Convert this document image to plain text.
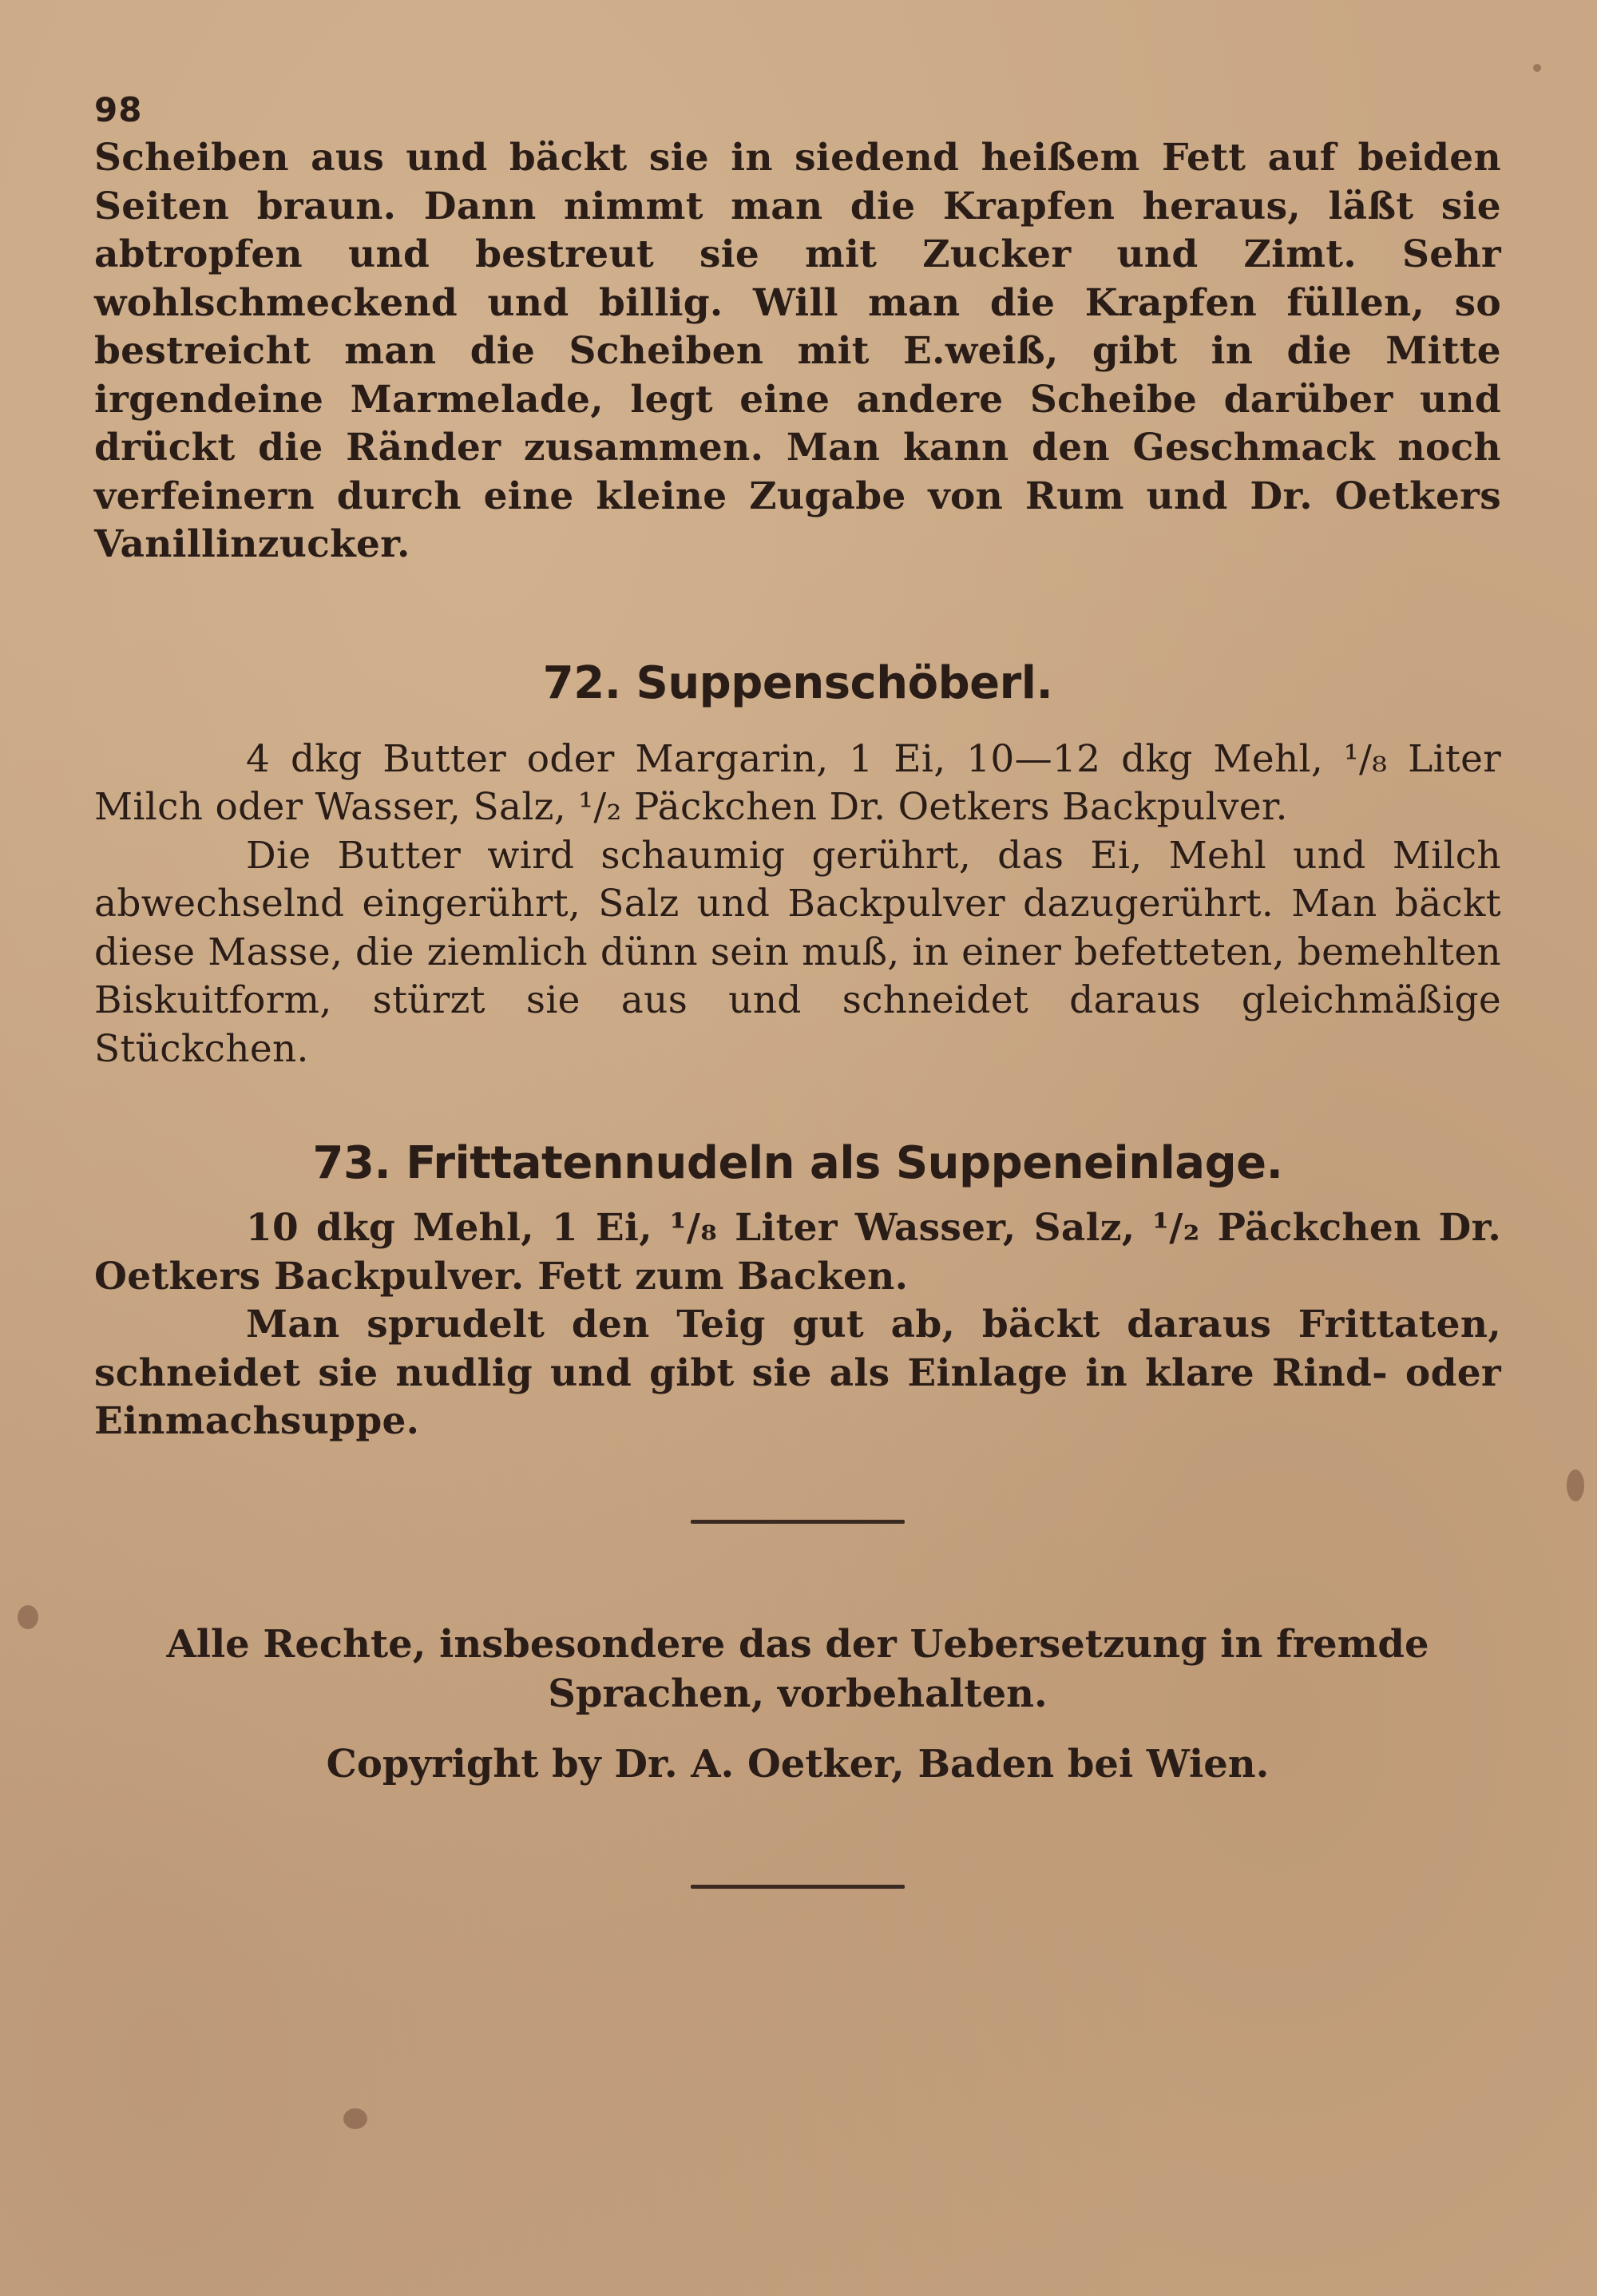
98

Scheiben aus und bäckt sie in siedend heißem Fett auf beiden Seiten braun. Dann nimmt man die Krapfen heraus, läßt sie abtropfen und bestreut sie mit Zucker und Zimt. Sehr wohlschmeckend und billig. Will man die Krapfen füllen, so bestreicht man die Scheiben mit E.weiß, gibt in die Mitte irgendeine Marmelade, legt eine andere Scheibe darüber und drückt die Ränder zusammen. Man kann den Geschmack noch verfeinern durch eine kleine Zugabe von Rum und Dr. Oetkers Vanillinzucker.

72. Suppenschöberl.

4 dkg Butter oder Margarin, 1 Ei, 10—12 dkg Mehl, ¹/₈ Liter Milch oder Wasser, Salz, ¹/₂ Päckchen Dr. Oetkers Backpulver.

Die Butter wird schaumig gerührt, das Ei, Mehl und Milch abwechselnd eingerührt, Salz und Backpulver dazugerührt. Man bäckt diese Masse, die ziemlich dünn sein muß, in einer befetteten, bemehlten Biskuitform, stürzt sie aus und schneidet daraus gleichmäßige Stückchen.

73. Frittatennudeln als Suppeneinlage.

10 dkg Mehl, 1 Ei, ¹/₈ Liter Wasser, Salz, ¹/₂ Päckchen Dr. Oetkers Backpulver. Fett zum Backen.

Man sprudelt den Teig gut ab, bäckt daraus Frittaten, schneidet sie nudlig und gibt sie als Einlage in klare Rind- oder Einmachsuppe.

Alle Rechte, insbesondere das der Uebersetzung in fremde

Sprachen, vorbehalten.

Copyright by Dr. A. Oetker, Baden bei Wien.
